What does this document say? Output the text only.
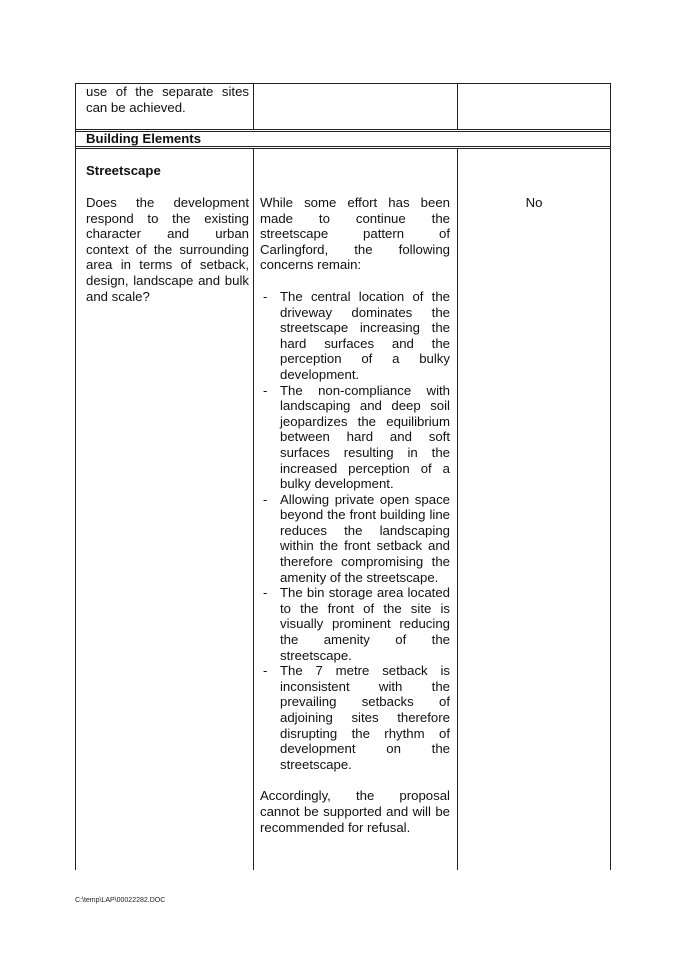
use of the separate sites can be achieved.
Building Elements
Streetscape
Does the development respond to the existing character and urban context of the surrounding area in terms of setback, design, landscape and bulk and scale?
While some effort has been made to continue the streetscape pattern of Carlingford, the following concerns remain:
- The central location of the driveway dominates the streetscape increasing the hard surfaces and the perception of a bulky development.
- The non-compliance with landscaping and deep soil jeopardizes the equilibrium between hard and soft surfaces resulting in the increased perception of a bulky development.
- Allowing private open space beyond the front building line reduces the landscaping within the front setback and therefore compromising the amenity of the streetscape.
- The bin storage area located to the front of the site is visually prominent reducing the amenity of the streetscape.
- The 7 metre setback is inconsistent with the prevailing setbacks of adjoining sites therefore disrupting the rhythm of development on the streetscape.
Accordingly, the proposal cannot be supported and will be recommended for refusal.
No
C:\temp\LAP\00022282.DOC
